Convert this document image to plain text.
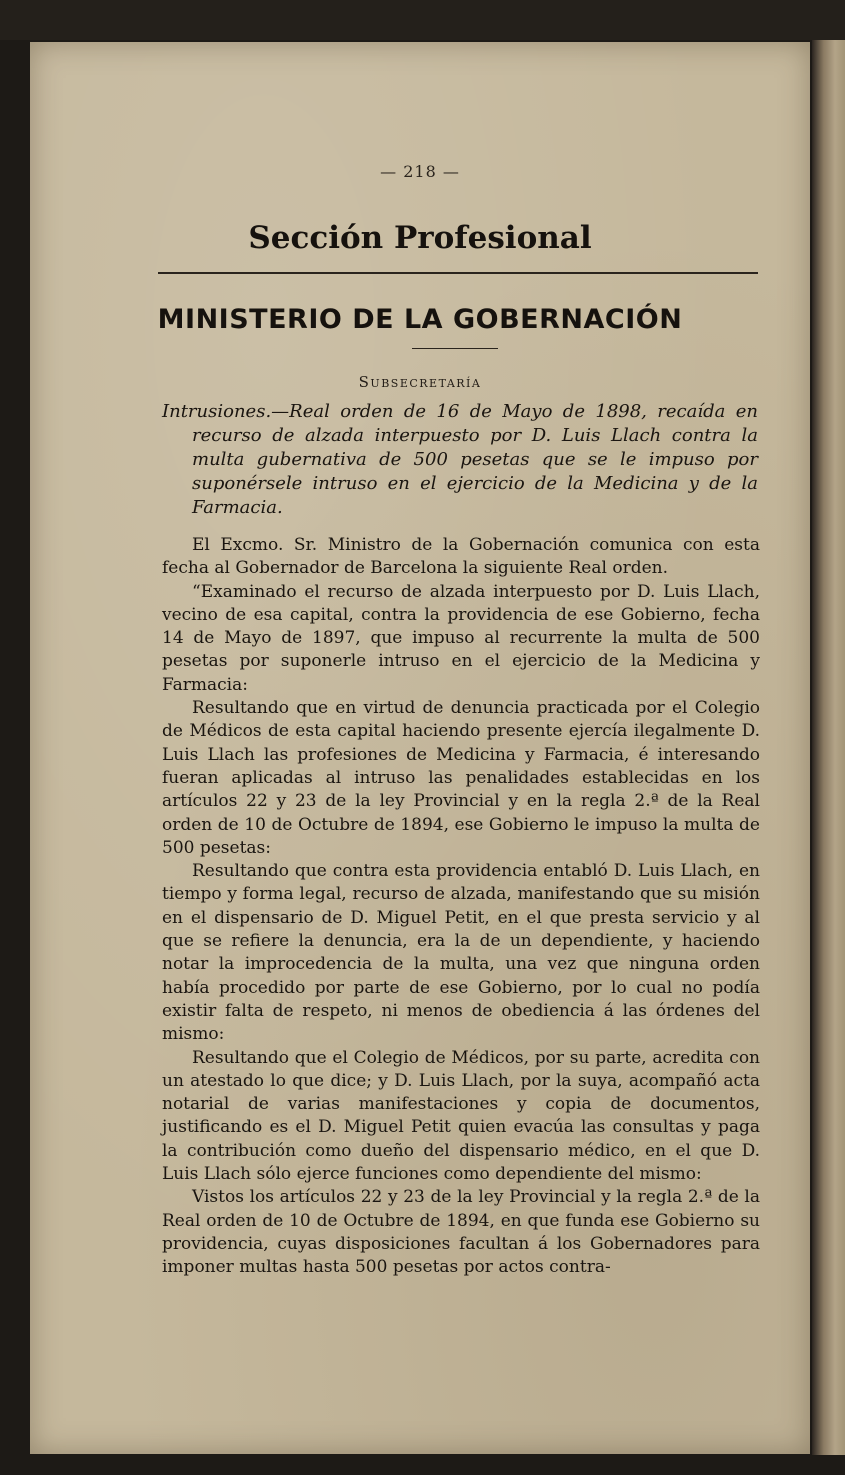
— 218 —
Sección Profesional
MINISTERIO DE LA GOBERNACIÓN
Subsecretaría

Intrusiones.—Real orden de 16 de Mayo de 1898, recaída en recurso de alzada interpuesto por D. Luis Llach contra la multa gubernativa de 500 pesetas que se le impuso por suponérsele intruso en el ejercicio de la Medicina y de la Farmacia.

El Excmo. Sr. Ministro de la Gobernación comunica con esta fecha al Gobernador de Barcelona la siguiente Real orden.

“Examinado el recurso de alzada interpuesto por D. Luis Llach, vecino de esa capital, contra la providencia de ese Gobierno, fecha 14 de Mayo de 1897, que impuso al recurrente la multa de 500 pesetas por suponerle intruso en el ejercicio de la Medicina y Farmacia:

Resultando que en virtud de denuncia practicada por el Colegio de Médicos de esta capital haciendo presente ejercía ilegalmente D. Luis Llach las profesiones de Medicina y Farmacia, é interesando fueran aplicadas al intruso las penalidades establecidas en los artículos 22 y 23 de la ley Provincial y en la regla 2.ª de la Real orden de 10 de Octubre de 1894, ese Gobierno le impuso la multa de 500 pesetas:

Resultando que contra esta providencia entabló D. Luis Llach, en tiempo y forma legal, recurso de alzada, manifestando que su misión en el dispensario de D. Miguel Petit, en el que presta servicio y al que se refiere la denuncia, era la de un dependiente, y haciendo notar la improcedencia de la multa, una vez que ninguna orden había procedido por parte de ese Gobierno, por lo cual no podía existir falta de respeto, ni menos de obediencia á las órdenes del mismo:

Resultando que el Colegio de Médicos, por su parte, acredita con un atestado lo que dice; y D. Luis Llach, por la suya, acompañó acta notarial de varias manifestaciones y copia de documentos, justificando es el D. Miguel Petit quien evacúa las consultas y paga la contribución como dueño del dispensario médico, en el que D. Luis Llach sólo ejerce funciones como dependiente del mismo:

Vistos los artículos 22 y 23 de la ley Provincial y la regla 2.ª de la Real orden de 10 de Octubre de 1894, en que funda ese Gobierno su providencia, cuyas disposiciones facultan á los Gobernadores para imponer multas hasta 500 pesetas por actos contra-
